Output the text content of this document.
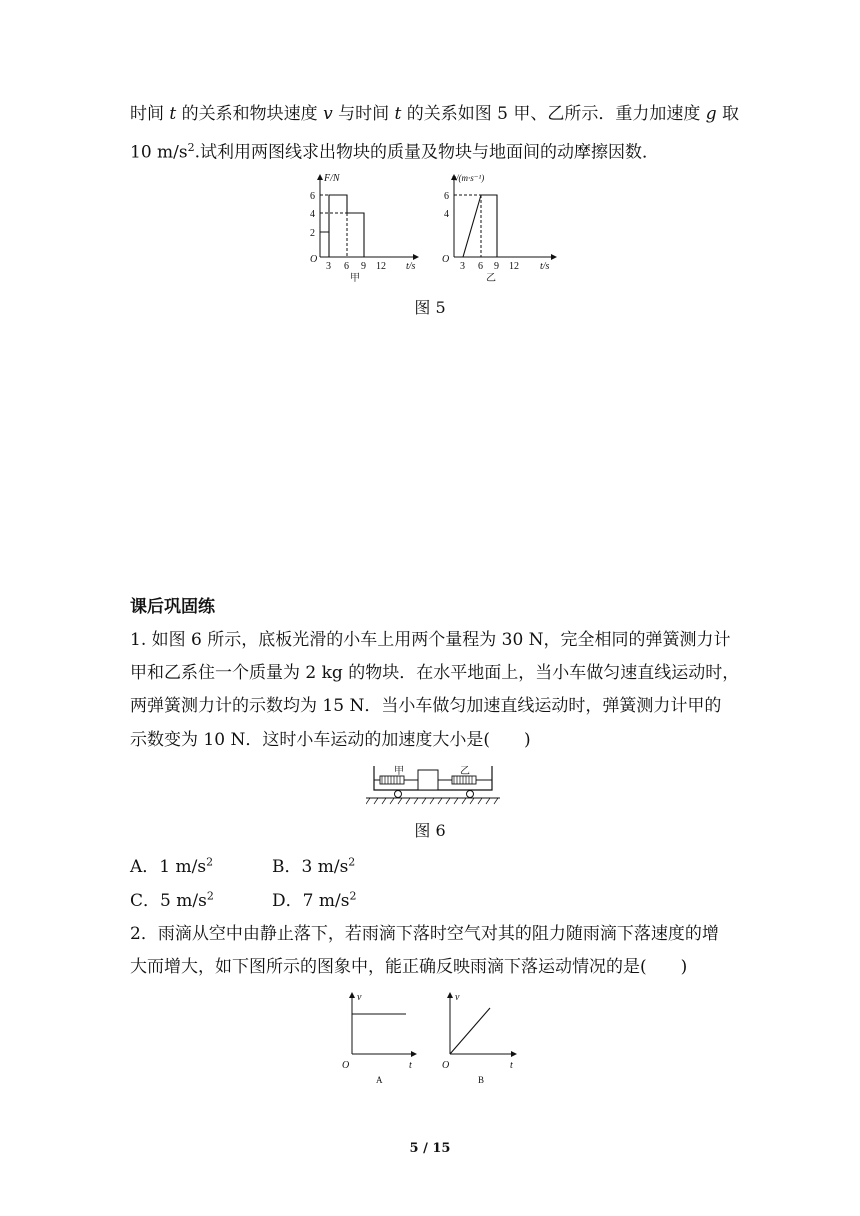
时间 t 的关系和物块速度 v 与时间 t 的关系如图 5 甲、乙所示．重力加速度 g 取
10 $m/s^2$.试利用两图线求出物块的质量及物块与地面间的动摩擦因数．
F/N
6
4
2
O
3 6 9 12 t/s
甲
v/(m·s⁻¹)
6
4
O
3 6 9 12 t/s
乙
图 5
课后巩固练
1. 如图 6 所示，底板光滑的小车上用两个量程为 30 N，完全相同的弹簧测力计
甲和乙系住一个质量为 2 kg 的物块．在水平地面上，当小车做匀速直线运动时，
两弹簧测力计的示数均为 15 N．当小车做匀加速直线运动时，弹簧测力计甲的
示数变为 10 N．这时小车运动的加速度大小是(　　)
甲	乙
图 6
A．1 $m/s^2$	B．3 $m/s^2$
C．5 $m/s^2$	D．7 $m/s^2$
2．雨滴从空中由静止落下，若雨滴下落时空气对其的阻力随雨滴下落速度的增
大而增大，如下图所示的图象中，能正确反映雨滴下落运动情况的是(　　)
v
t
O
A
v
t
O
B
5 / 15
